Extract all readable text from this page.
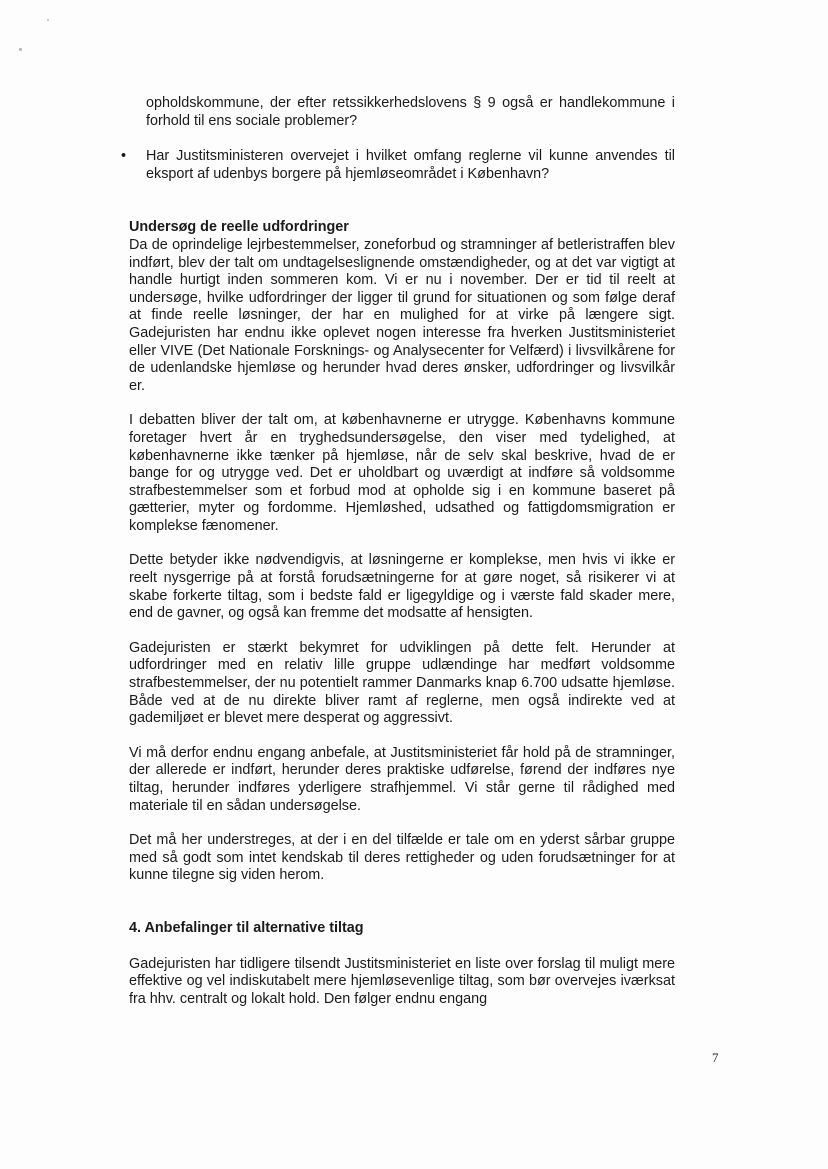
opholdskommune, der efter retssikkerhedslovens § 9 også er handlekommune i forhold til ens sociale problemer?

•	Har Justitsministeren overvejet i hvilket omfang reglerne vil kunne anvendes til eksport af udenbys borgere på hjemløseområdet i København?

Undersøg de reelle udfordringer

Da de oprindelige lejrbestemmelser, zoneforbud og stramninger af betleristraffen blev indført, blev der talt om undtagelseslignende omstændigheder, og at det var vigtigt at handle hurtigt inden sommeren kom. Vi er nu i november. Der er tid til reelt at undersøge, hvilke udfordringer der ligger til grund for situationen og som følge deraf at finde reelle løsninger, der har en mulighed for at virke på længere sigt. Gadejuristen har endnu ikke oplevet nogen interesse fra hverken Justitsministeriet eller VIVE (Det Nationale Forsknings- og Analysecenter for Velfærd) i livsvilkårene for de udenlandske hjemløse og herunder hvad deres ønsker, udfordringer og livsvilkår er.

I debatten bliver der talt om, at københavnerne er utrygge. Københavns kommune foretager hvert år en tryghedsundersøgelse, den viser med tydelighed, at københavnerne ikke tænker på hjemløse, når de selv skal beskrive, hvad de er bange for og utrygge ved. Det er uholdbart og uværdigt at indføre så voldsomme strafbestemmelser som et forbud mod at opholde sig i en kommune baseret på gætterier, myter og fordomme. Hjemløshed, udsathed og fattigdomsmigration er komplekse fænomener.

Dette betyder ikke nødvendigvis, at løsningerne er komplekse, men hvis vi ikke er reelt nysgerrige på at forstå forudsætningerne for at gøre noget, så risikerer vi at skabe forkerte tiltag, som i bedste fald er ligegyldige og i værste fald skader mere, end de gavner, og også kan fremme det modsatte af hensigten.

Gadejuristen er stærkt bekymret for udviklingen på dette felt. Herunder at udfordringer med en relativ lille gruppe udlændinge har medført voldsomme strafbestemmelser, der nu potentielt rammer Danmarks knap 6.700 udsatte hjemløse. Både ved at de nu direkte bliver ramt af reglerne, men også indirekte ved at gademiljøet er blevet mere desperat og aggressivt.

Vi må derfor endnu engang anbefale, at Justitsministeriet får hold på de stramninger, der allerede er indført, herunder deres praktiske udførelse, førend der indføres nye tiltag, herunder indføres yderligere strafhjemmel. Vi står gerne til rådighed med materiale til en sådan undersøgelse.

Det må her understreges, at der i en del tilfælde er tale om en yderst sårbar gruppe med så godt som intet kendskab til deres rettigheder og uden forudsætninger for at kunne tilegne sig viden herom.

4. Anbefalinger til alternative tiltag

Gadejuristen har tidligere tilsendt Justitsministeriet en liste over forslag til muligt mere effektive og vel indiskutabelt mere hjemløsevenlige tiltag, som bør overvejes iværksat fra hhv. centralt og lokalt hold. Den følger endnu engang

7
